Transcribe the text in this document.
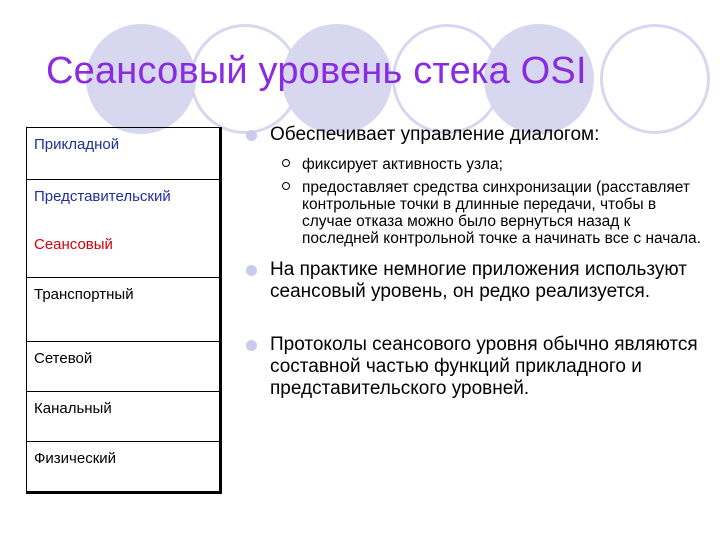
Сеансовый уровень стека OSI
Прикладной
Представительский
Сеансовый
Транспортный
Сетевой
Канальный
Физический
Обеспечивает управление диалогом:
фиксирует активность узла;
предоставляет средства синхронизации (расставляет контрольные точки в длинные передачи, чтобы в случае отказа можно было вернуться назад к последней контрольной точке а начинать все с начала.
На практике немногие приложения используют сеансовый уровень, он редко реализуется.
Протоколы сеансового уровня обычно являются составной частью функций прикладного и представительского уровней.
